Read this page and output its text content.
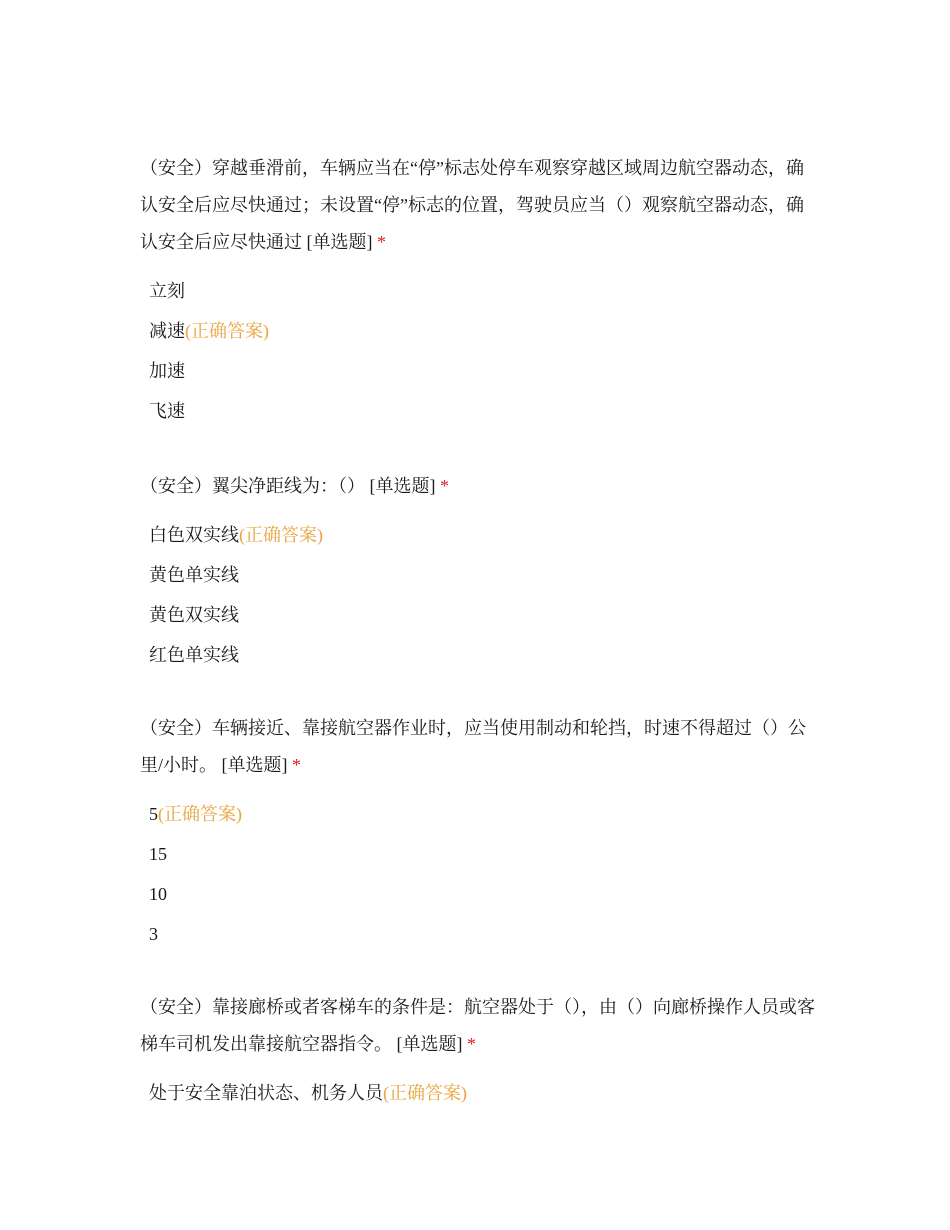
（安全）穿越垂滑前，车辆应当在“停”标志处停车观察穿越区域周边航空器动态，确认安全后应尽快通过；未设置“停”标志的位置，驾驶员应当（）观察航空器动态，确认安全后应尽快通过 [单选题] *

立刻
减速(正确答案)
加速
飞速

（安全）翼尖净距线为：（） [单选题] *

白色双实线(正确答案)
黄色单实线
黄色双实线
红色单实线

（安全）车辆接近、靠接航空器作业时，应当使用制动和轮挡，时速不得超过（）公里/小时。 [单选题] *

5(正确答案)
15
10
3

（安全）靠接廊桥或者客梯车的条件是：航空器处于（），由（）向廊桥操作人员或客梯车司机发出靠接航空器指令。 [单选题] *

处于安全靠泊状态、机务人员(正确答案)
